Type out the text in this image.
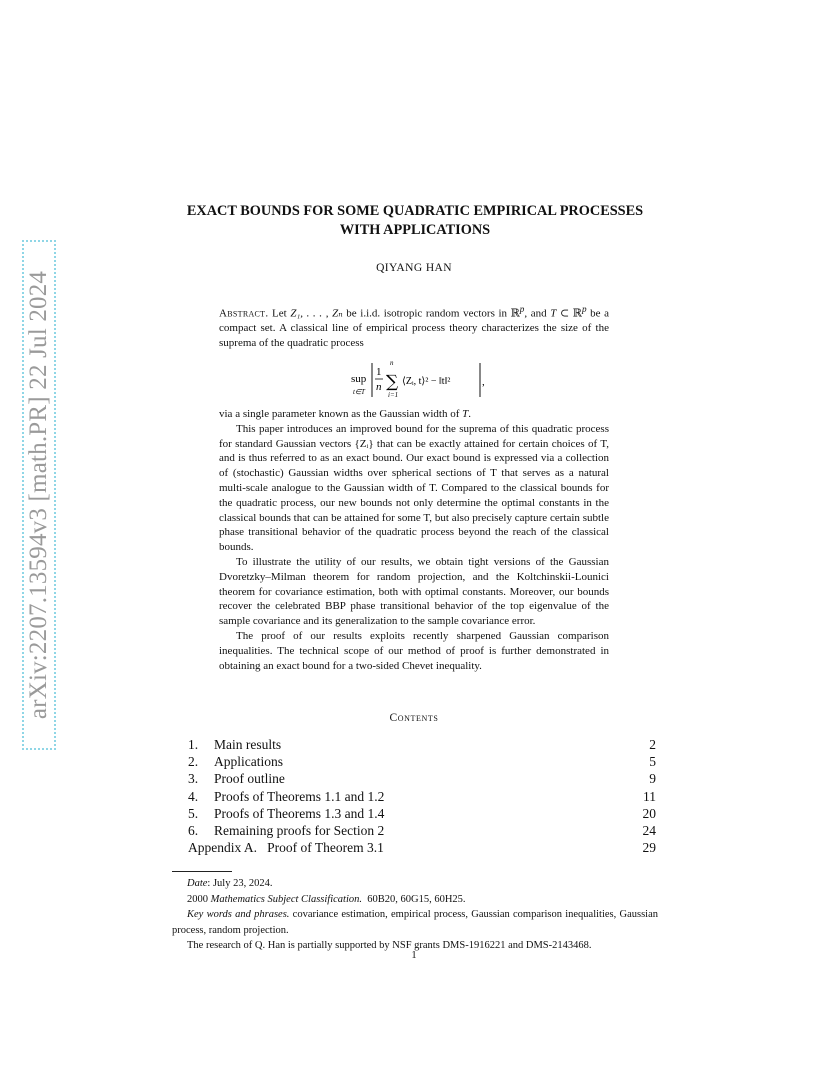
arXiv:2207.13594v3 [math.PR] 22 Jul 2024
EXACT BOUNDS FOR SOME QUADRATIC EMPIRICAL PROCESSES
WITH APPLICATIONS
QIYANG HAN

Abstract. Let Z₁, . . . , Zₙ be i.i.d. isotropic random vectors in ℝ$^p$, and T ⊂ ℝ$^p$ be a compact set. A classical line of empirical process theory characterizes the size of the suprema of the quadratic process

sup
t∈T
1
n
n
∑
i=1
⟨Zᵢ, t⟩² − ‖t‖²	,

via a single parameter known as the Gaussian width of T.

This paper introduces an improved bound for the suprema of this quadratic process for standard Gaussian vectors {Zᵢ} that can be exactly attained for certain choices of T, and is thus referred to as an exact bound. Our exact bound is expressed via a collection of (stochastic) Gaussian widths over spherical sections of T that serves as a natural multi-scale analogue to the Gaussian width of T. Compared to the classical bounds for the quadratic process, our new bounds not only determine the optimal constants in the classical bounds that can be attained for some T, but also precisely capture certain subtle phase transitional behavior of the quadratic process beyond the reach of the classical bounds.

To illustrate the utility of our results, we obtain tight versions of the Gaussian Dvoretzky–Milman theorem for random projection, and the Koltchinskii-Lounici theorem for covariance estimation, both with optimal constants. Moreover, our bounds recover the celebrated BBP phase transitional behavior of the top eigenvalue of the sample covariance and its generalization to the sample covariance error.

The proof of our results exploits recently sharpened Gaussian comparison inequalities. The technical scope of our method of proof is further demonstrated in obtaining an exact bound for a two-sided Chevet inequality.

Contents
1.	Main results	2
2.	Applications	5
3.	Proof outline	9
4.	Proofs of Theorems 1.1 and 1.2	11
5.	Proofs of Theorems 1.3 and 1.4	20
6.	Remaining proofs for Section 2	24
Appendix A.   Proof of Theorem 3.1	29

Date: July 23, 2024.

2000 Mathematics Subject Classification.  60B20, 60G15, 60H25.

Key words and phrases. covariance estimation, empirical process, Gaussian comparison inequalities, Gaussian process, random projection.

The research of Q. Han is partially supported by NSF grants DMS-1916221 and DMS-2143468.

1
